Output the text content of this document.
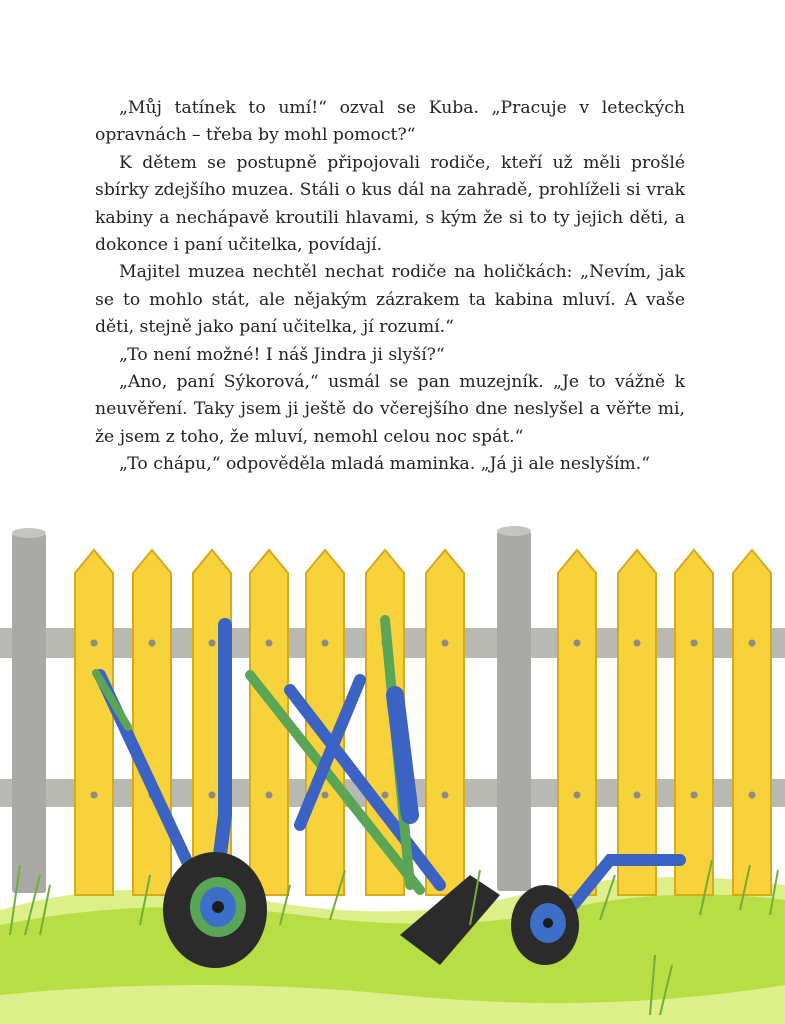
„Můj tatínek to umí!“ ozval se Kuba. „Pracuje v leteckých opravnách – třeba by mohl pomoct?“

K dětem se postupně připojovali rodiče, kteří už měli prošlé sbírky zdejšího muzea. Stáli o kus dál na zahradě, prohlíželi si vrak kabiny a nechápavě kroutili hlavami, s kým že si to ty jejich děti, a dokonce i paní učitelka, povídají.

Majitel muzea nechtěl nechat rodiče na holičkách: „Nevím, jak se to mohlo stát, ale nějakým zázrakem ta kabina mluví. A vaše děti, stejně jako paní učitelka, jí rozumí.“

„To není možné! I náš Jindra ji slyší?“

„Ano, paní Sýkorová,“ usmál se pan muzejník. „Je to vážně k neuvěření. Taky jsem ji ještě do včerejšího dne neslyšel a věřte mi, že jsem z toho, že mluví, nemohl celou noc spát.“

„To chápu,“ odpověděla mladá maminka. „Já ji ale neslyším.“
